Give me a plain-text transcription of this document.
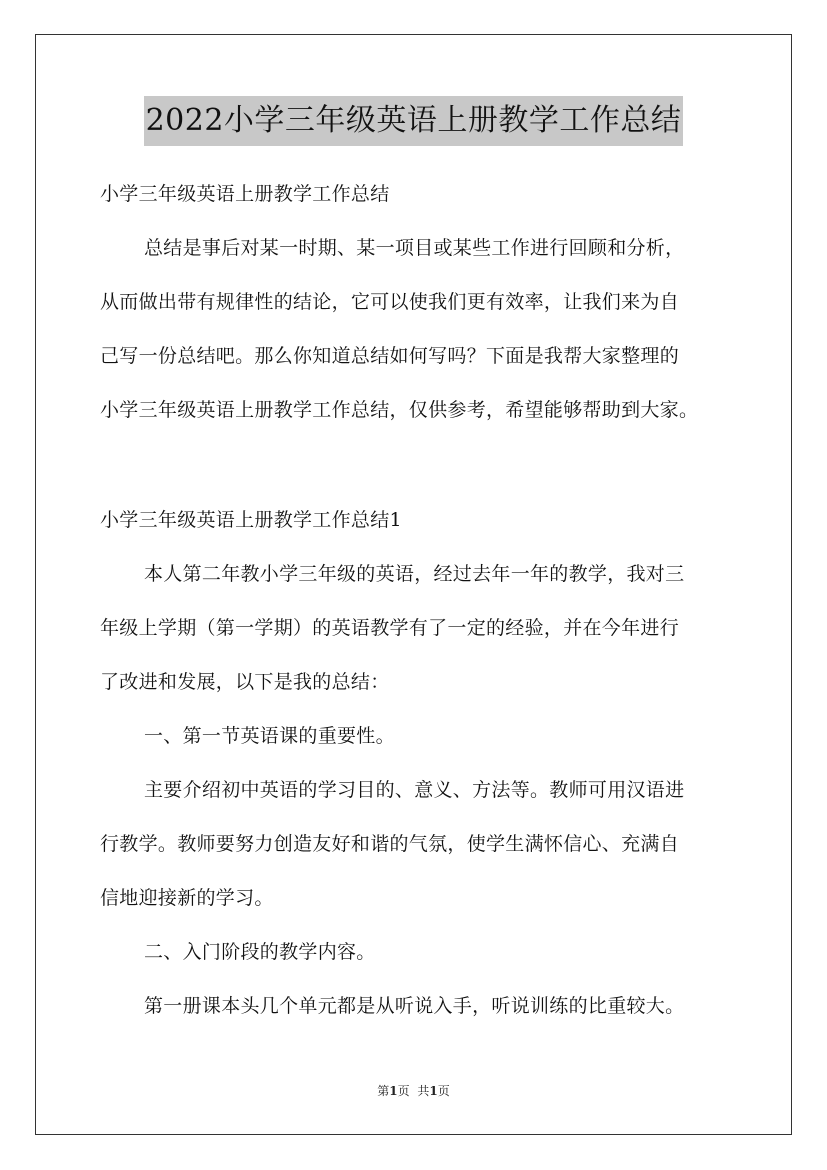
2022小学三年级英语上册教学工作总结
小学三年级英语上册教学工作总结
总结是事后对某一时期、某一项目或某些工作进行回顾和分析，
从而做出带有规律性的结论，它可以使我们更有效率，让我们来为自
己写一份总结吧。那么你知道总结如何写吗？下面是我帮大家整理的
小学三年级英语上册教学工作总结，仅供参考，希望能够帮助到大家。
小学三年级英语上册教学工作总结1
本人第二年教小学三年级的英语，经过去年一年的教学，我对三
年级上学期（第一学期）的英语教学有了一定的经验，并在今年进行
了改进和发展，以下是我的总结：
一、第一节英语课的重要性。
主要介绍初中英语的学习目的、意义、方法等。教师可用汉语进
行教学。教师要努力创造友好和谐的气氛，使学生满怀信心、充满自
信地迎接新的学习。
二、入门阶段的教学内容。
第一册课本头几个单元都是从听说入手，听说训练的比重较大。
第1页 共1页
